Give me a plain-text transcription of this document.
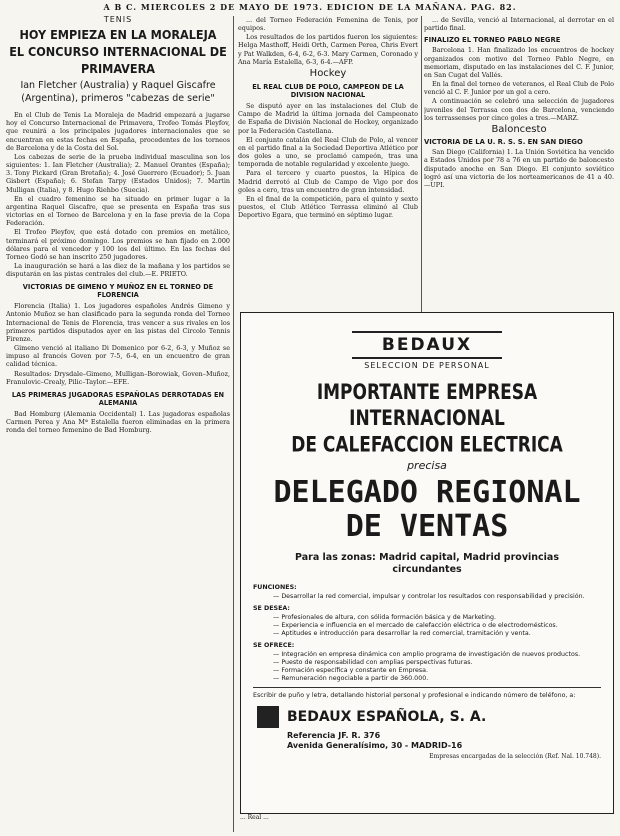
A B C. MIERCOLES 2 DE MAYO DE 1973. EDICION DE LA MAÑANA. PAG. 82.
TENIS
HOY EMPIEZA EN LA MORALEJA
EL CONCURSO INTERNACIONAL DE
PRIMAVERA
Ian Fletcher (Australia) y Raquel Giscafre (Argentina), primeros "cabezas de serie"

En el Club de Tenis La Moraleja de Madrid empezará a jugarse hoy el Concurso Internacional de Primavera, Trofeo Tomás Pleyfov, que reunirá a los principales jugadores internacionales que se encuentran en estas fechas en España, procedentes de los torneos de Barcelona y de la Costa del Sol.

Los cabezas de serie de la prueba individual masculina son los siguientes: 1. Ian Fletcher (Australia); 2. Manuel Orantes (España); 3. Tony Pickard (Gran Bretaña); 4. José Guerrero (Ecuador); 5. Juan Gisbert (España); 6. Stefan Tarpy (Estados Unidos); 7. Martin Mulligan (Italia), y 8. Hugo Riehbo (Suecia).

En el cuadro femenino se ha situado en primer lugar a la argentina Raquel Giscafre, que se presenta en España tras sus victorias en el Torneo de Barcelona y en la fase previa de la Copa Federación.

El Trofeo Pleyfov, que está dotado con premios en metálico, terminará el próximo domingo. Los premios se han fijado en 2.000 dólares para el vencedor y 100 los del último. En las fechas del Torneo Godó se han inscrito 250 jugadores.

La inauguración se hará a las diez de la mañana y los partidos se disputarán en las pistas centrales del club.—E. PRIETO.

VICTORIAS DE GIMENO Y MUÑOZ EN EL TORNEO DE FLORENCIA

Florencia (Italia) 1. Los jugadores españoles Andrés Gimeno y Antonio Muñoz se han clasificado para la segunda ronda del Torneo Internacional de Tenis de Florencia, tras vencer a sus rivales en los primeros partidos disputados ayer en las pistas del Circolo Tennis Firenze.

Gimeno venció al italiano Di Domenico por 6-2, 6-3, y Muñoz se impuso al francés Goven por 7-5, 6-4, en un encuentro de gran calidad técnica.

Resultados: Drysdale–Gimeno, Mulligan–Borowiak, Goven–Muñoz, Franulovic–Crealy, Pilic–Taylor.—EFE.

LAS PRIMERAS JUGADORAS ESPAÑOLAS DERROTADAS EN ALEMANIA

Bad Homburg (Alemania Occidental) 1. Las jugadoras españolas Carmen Perea y Ana Mª Estalella fueron eliminadas en la primera ronda del torneo femenino de Bad Homburg.

... del Torneo Federación Femenina de Tenis, por equipos.

Los resultados de los partidos fueron los siguientes: Helga Masthoff, Heidi Orth, Carmen Perea, Chris Evert y Pat Walkden, 6-4, 6-2, 6-3. Mary Carmen, Coronado y Ana María Estalella, 6-3, 6-4.—AFP.

Hockey
EL REAL CLUB DE POLO, CAMPEON DE LA DIVISION NACIONAL

Se disputó ayer en las instalaciones del Club de Campo de Madrid la última jornada del Campeonato de España de División Nacional de Hockey, organizado por la Federación Castellana.

El conjunto catalán del Real Club de Polo, al vencer en el partido final a la Sociedad Deportiva Atlético por dos goles a uno, se proclamó campeón, tras una temporada de notable regularidad y excelente juego.

Para el tercero y cuarto puestos, la Hípica de Madrid derrotó al Club de Campo de Vigo por dos goles a cero, tras un encuentro de gran intensidad.

En el final de la competición, para el quinto y sexto puestos, el Club Atlético Terrassa eliminó al Club Deportivo Egara, que terminó en séptimo lugar.

... de Sevilla, venció al Internacional, al derrotar en el partido final.

FINALIZO EL TORNEO PABLO NEGRE

Barcelona 1. Han finalizado los encuentros de hockey organizados con motivo del Torneo Pablo Negre, en memoriam, disputado en las instalaciones del C. F. Junior, en San Cugat del Vallés.

En la final del torneo de veteranos, el Real Club de Polo venció al C. F. Junior por un gol a cero.

A continuación se celebró una selección de jugadores juveniles del Terrassa con dos de Barcelona, venciendo los terrassenses por cinco goles a tres.—MARZ.

Baloncesto
VICTORIA DE LA U. R. S. S. EN SAN DIEGO

San Diego (California) 1. La Unión Soviética ha vencido a Estados Unidos por 78 a 76 en un partido de baloncesto disputado anoche en San Diego. El conjunto soviético logró así una victoria de los norteamericanos de 41 a 40.—UPI.

BEDAUX
SELECCION DE PERSONAL
IMPORTANTE EMPRESA INTERNACIONAL
DE CALEFACCION ELECTRICA
precisa
DELEGADO REGIONAL
DE VENTAS
Para las zonas: Madrid capital, Madrid provincias circundantes
FUNCIONES:
— Desarrollar la red comercial, impulsar y controlar los resultados con responsabilidad y precisión.
SE DESEA:
— Profesionales de altura, con sólida formación básica y de Marketing.
— Experiencia e influencia en el mercado de calefacción eléctrica o de electrodomésticos.
— Aptitudes e introducción para desarrollar la red comercial, tramitación y venta.
SE OFRECE:
— Integración en empresa dinámica con amplio programa de investigación de nuevos productos.
— Puesto de responsabilidad con amplias perspectivas futuras.
— Formación específica y constante en Empresa.
— Remuneración negociable a partir de 360.000.
Escribir de puño y letra, detallando historial personal y profesional e indicando número de teléfono, a:
BEDAUX ESPAÑOLA, S. A.
Referencia JF. R. 376
Avenida Generalísimo, 30 - MADRID-16
Empresas encargadas de la selección (Ref. Nal. 10.748).
... Real ...
